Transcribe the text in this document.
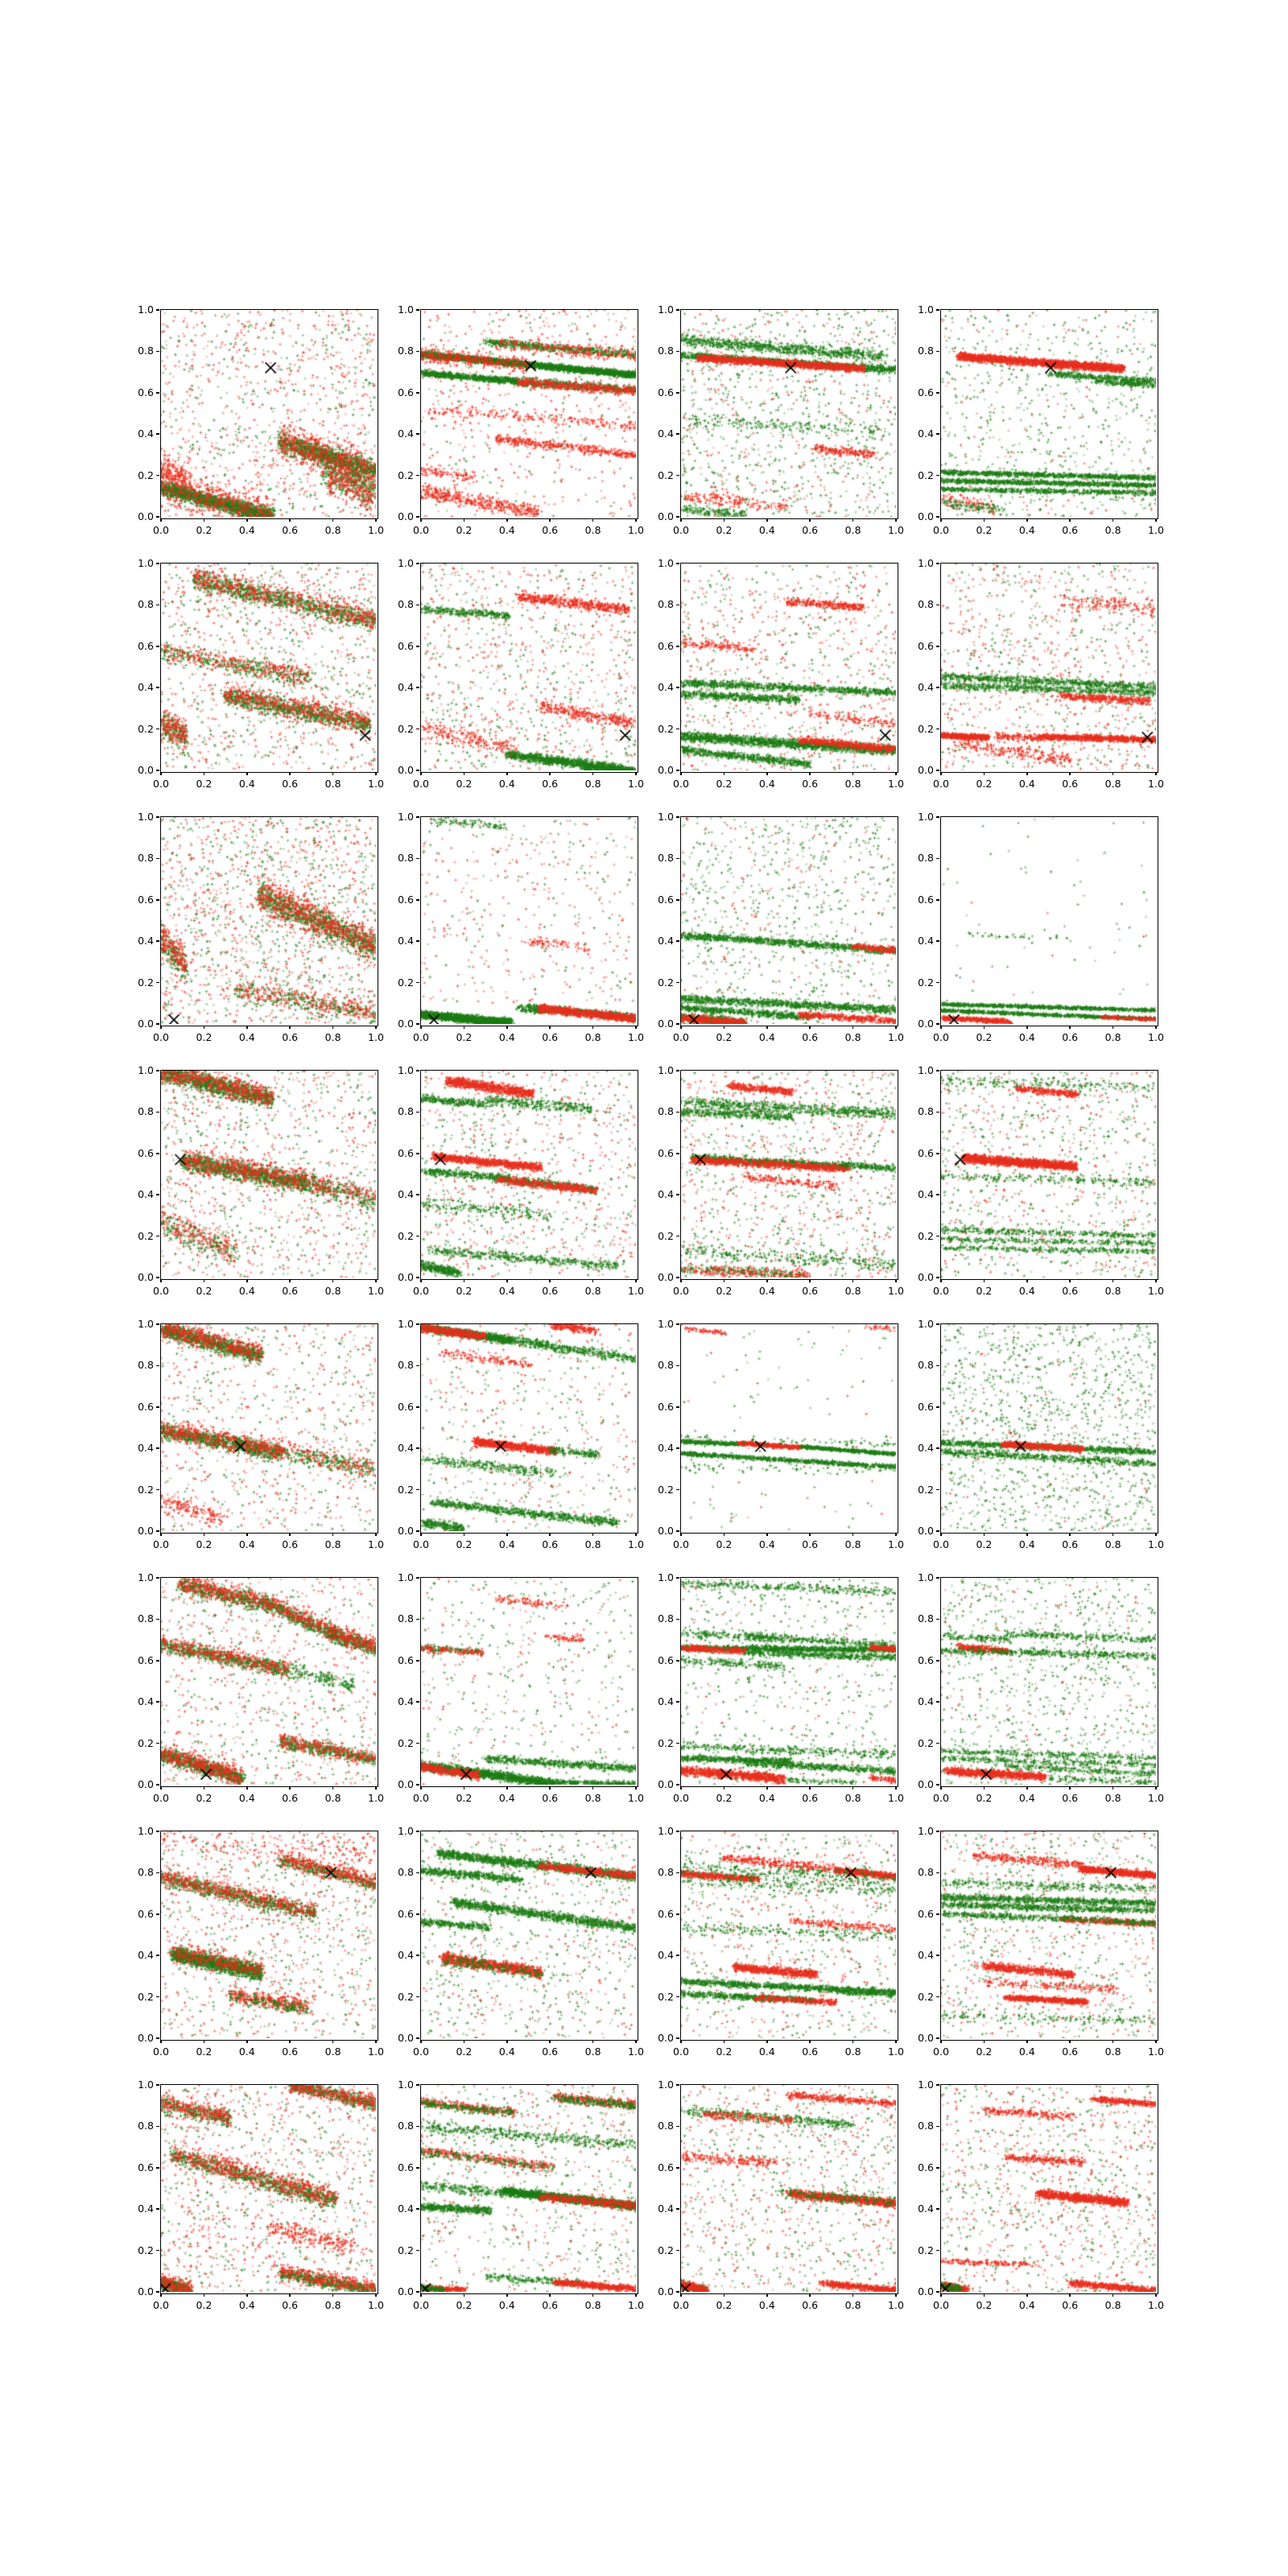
0.0
0.0
0.2
0.2
0.4
0.4
0.6
0.6
0.8
0.8
1.0
1.0
0.0
0.0
0.2
0.2
0.4
0.4
0.6
0.6
0.8
0.8
1.0
1.0
0.0
0.0
0.2
0.2
0.4
0.4
0.6
0.6
0.8
0.8
1.0
1.0
0.0
0.0
0.2
0.2
0.4
0.4
0.6
0.6
0.8
0.8
1.0
1.0
0.0
0.0
0.2
0.2
0.4
0.4
0.6
0.6
0.8
0.8
1.0
1.0
0.0
0.0
0.2
0.2
0.4
0.4
0.6
0.6
0.8
0.8
1.0
1.0
0.0
0.0
0.2
0.2
0.4
0.4
0.6
0.6
0.8
0.8
1.0
1.0
0.0
0.0
0.2
0.2
0.4
0.4
0.6
0.6
0.8
0.8
1.0
1.0
0.0
0.0
0.2
0.2
0.4
0.4
0.6
0.6
0.8
0.8
1.0
1.0
0.0
0.0
0.2
0.2
0.4
0.4
0.6
0.6
0.8
0.8
1.0
1.0
0.0
0.0
0.2
0.2
0.4
0.4
0.6
0.6
0.8
0.8
1.0
1.0
0.0
0.0
0.2
0.2
0.4
0.4
0.6
0.6
0.8
0.8
1.0
1.0
0.0
0.0
0.2
0.2
0.4
0.4
0.6
0.6
0.8
0.8
1.0
1.0
0.0
0.0
0.2
0.2
0.4
0.4
0.6
0.6
0.8
0.8
1.0
1.0
0.0
0.0
0.2
0.2
0.4
0.4
0.6
0.6
0.8
0.8
1.0
1.0
0.0
0.0
0.2
0.2
0.4
0.4
0.6
0.6
0.8
0.8
1.0
1.0
0.0
0.0
0.2
0.2
0.4
0.4
0.6
0.6
0.8
0.8
1.0
1.0
0.0
0.0
0.2
0.2
0.4
0.4
0.6
0.6
0.8
0.8
1.0
1.0
0.0
0.0
0.2
0.2
0.4
0.4
0.6
0.6
0.8
0.8
1.0
1.0
0.0
0.0
0.2
0.2
0.4
0.4
0.6
0.6
0.8
0.8
1.0
1.0
0.0
0.0
0.2
0.2
0.4
0.4
0.6
0.6
0.8
0.8
1.0
1.0
0.0
0.0
0.2
0.2
0.4
0.4
0.6
0.6
0.8
0.8
1.0
1.0
0.0
0.0
0.2
0.2
0.4
0.4
0.6
0.6
0.8
0.8
1.0
1.0
0.0
0.0
0.2
0.2
0.4
0.4
0.6
0.6
0.8
0.8
1.0
1.0
0.0
0.0
0.2
0.2
0.4
0.4
0.6
0.6
0.8
0.8
1.0
1.0
0.0
0.0
0.2
0.2
0.4
0.4
0.6
0.6
0.8
0.8
1.0
1.0
0.0
0.0
0.2
0.2
0.4
0.4
0.6
0.6
0.8
0.8
1.0
1.0
0.0
0.0
0.2
0.2
0.4
0.4
0.6
0.6
0.8
0.8
1.0
1.0
0.0
0.0
0.2
0.2
0.4
0.4
0.6
0.6
0.8
0.8
1.0
1.0
0.0
0.0
0.2
0.2
0.4
0.4
0.6
0.6
0.8
0.8
1.0
1.0
0.0
0.0
0.2
0.2
0.4
0.4
0.6
0.6
0.8
0.8
1.0
1.0
0.0
0.0
0.2
0.2
0.4
0.4
0.6
0.6
0.8
0.8
1.0
1.0
